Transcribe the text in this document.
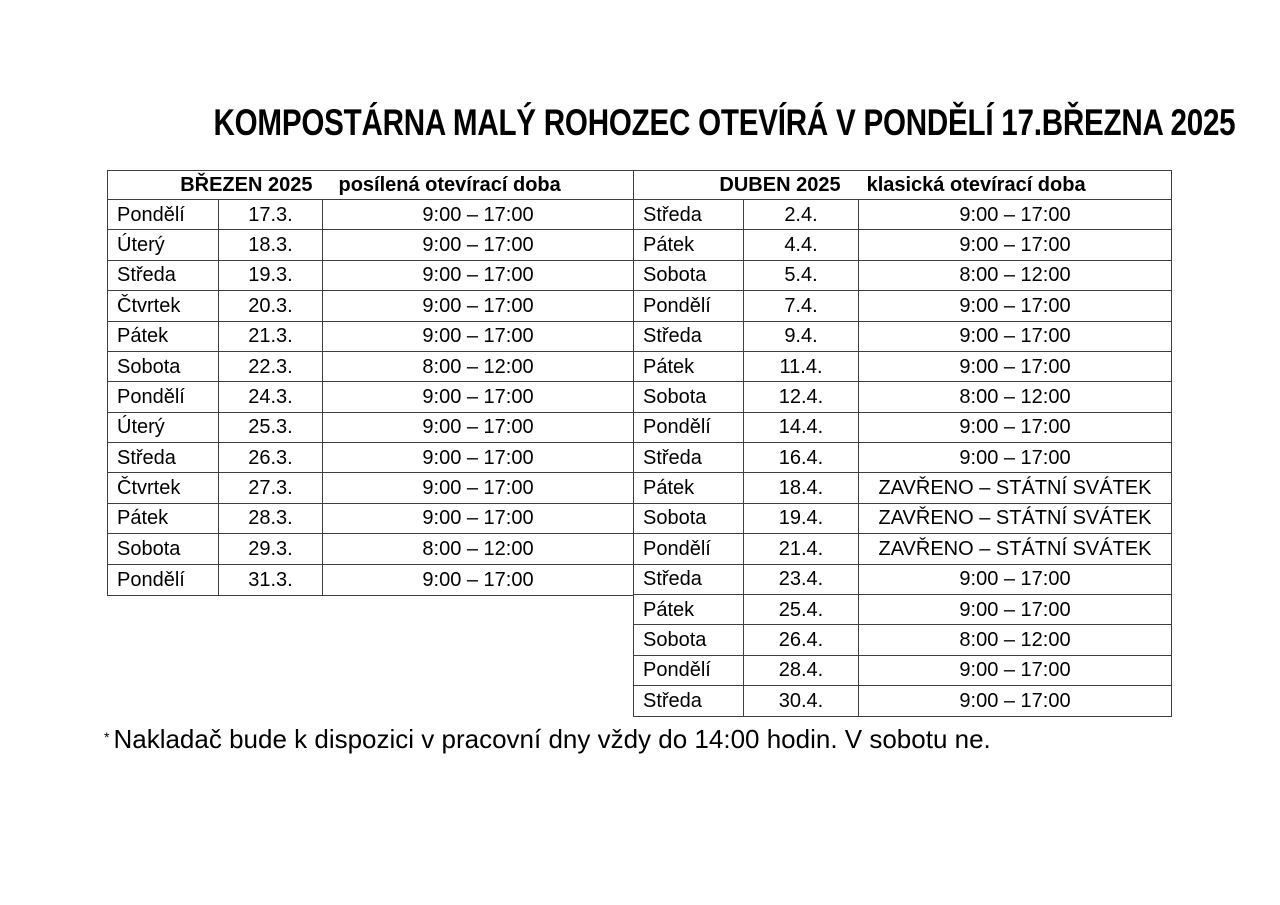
KOMPOSTÁRNA MALÝ ROHOZEC OTEVÍRÁ V PONDĚLÍ 17.BŘEZNA 2025
BŘEZEN 2025 posílená otevírací doba
Pondělí	17.3.	9:00 – 17:00
Úterý	18.3.	9:00 – 17:00
Středa	19.3.	9:00 – 17:00
Čtvrtek	20.3.	9:00 – 17:00
Pátek	21.3.	9:00 – 17:00
Sobota	22.3.	8:00 – 12:00
Pondělí	24.3.	9:00 – 17:00
Úterý	25.3.	9:00 – 17:00
Středa	26.3.	9:00 – 17:00
Čtvrtek	27.3.	9:00 – 17:00
Pátek	28.3.	9:00 – 17:00
Sobota	29.3.	8:00 – 12:00
Pondělí	31.3.	9:00 – 17:00
DUBEN 2025 klasická otevírací doba
Středa	2.4.	9:00 – 17:00
Pátek	4.4.	9:00 – 17:00
Sobota	5.4.	8:00 – 12:00
Pondělí	7.4.	9:00 – 17:00
Středa	9.4.	9:00 – 17:00
Pátek	11.4.	9:00 – 17:00
Sobota	12.4.	8:00 – 12:00
Pondělí	14.4.	9:00 – 17:00
Středa	16.4.	9:00 – 17:00
Pátek	18.4.	ZAVŘENO – STÁTNÍ SVÁTEK
Sobota	19.4.	ZAVŘENO – STÁTNÍ SVÁTEK
Pondělí	21.4.	ZAVŘENO – STÁTNÍ SVÁTEK
Středa	23.4.	9:00 – 17:00
Pátek	25.4.	9:00 – 17:00
Sobota	26.4.	8:00 – 12:00
Pondělí	28.4.	9:00 – 17:00
Středa	30.4.	9:00 – 17:00

* Nakladač bude k dispozici v pracovní dny vždy do 14:00 hodin. V sobotu ne.
